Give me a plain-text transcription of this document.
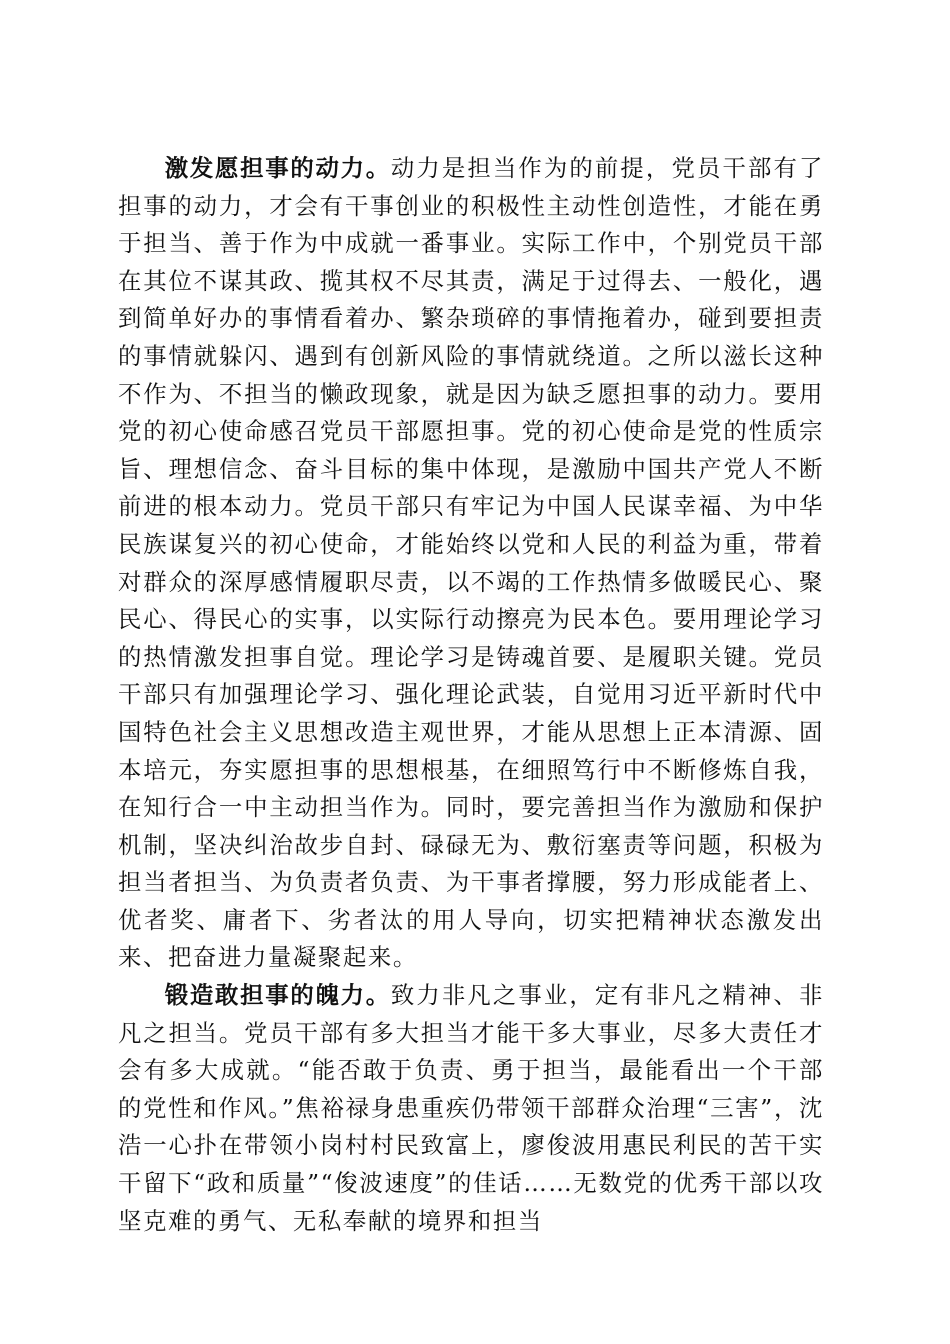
激发愿担事的动力。动力是担当作为的前提，党员干部有了担事的动力，才会有干事创业的积极性主动性创造性，才能在勇于担当、善于作为中成就一番事业。实际工作中，个别党员干部在其位不谋其政、揽其权不尽其责，满足于过得去、一般化，遇到简单好办的事情看着办、繁杂琐碎的事情拖着办，碰到要担责的事情就躲闪、遇到有创新风险的事情就绕道。之所以滋长这种不作为、不担当的懒政现象，就是因为缺乏愿担事的动力。要用党的初心使命感召党员干部愿担事。党的初心使命是党的性质宗旨、理想信念、奋斗目标的集中体现，是激励中国共产党人不断前进的根本动力。党员干部只有牢记为中国人民谋幸福、为中华民族谋复兴的初心使命，才能始终以党和人民的利益为重，带着对群众的深厚感情履职尽责，以不竭的工作热情多做暖民心、聚民心、得民心的实事，以实际行动擦亮为民本色。要用理论学习的热情激发担事自觉。理论学习是铸魂首要、是履职关键。党员干部只有加强理论学习、强化理论武装，自觉用习近平新时代中国特色社会主义思想改造主观世界，才能从思想上正本清源、固本培元，夯实愿担事的思想根基，在细照笃行中不断修炼自我，在知行合一中主动担当作为。同时，要完善担当作为激励和保护机制，坚决纠治故步自封、碌碌无为、敷衍塞责等问题，积极为担当者担当、为负责者负责、为干事者撑腰，努力形成能者上、优者奖、庸者下、劣者汰的用人导向，切实把精神状态激发出来、把奋进力量凝聚起来。

锻造敢担事的魄力。致力非凡之事业，定有非凡之精神、非凡之担当。党员干部有多大担当才能干多大事业，尽多大责任才会有多大成就。“能否敢于负责、勇于担当，最能看出一个干部的党性和作风。”焦裕禄身患重疾仍带领干部群众治理“三害”，沈浩一心扑在带领小岗村村民致富上，廖俊波用惠民利民的苦干实干留下“政和质量”“俊波速度”的佳话……无数党的优秀干部以攻坚克难的勇气、无私奉献的境界和担当
